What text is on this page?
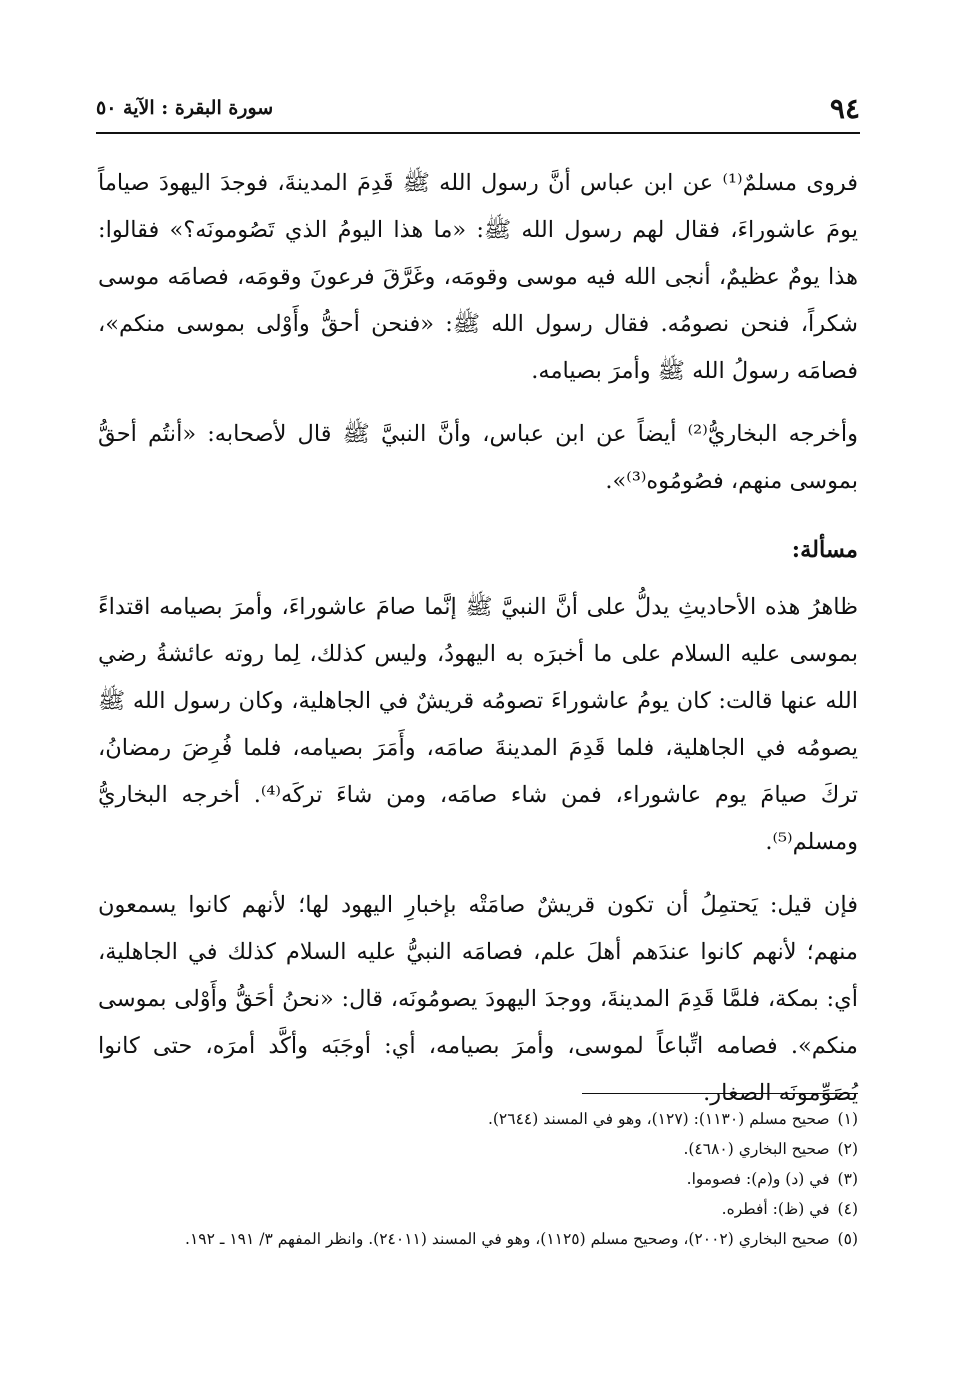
٩٤
سورة البقرة : الآية ٥٠

فروى مسلمٌ⁽¹⁾ عن ابن عباس أنَّ رسول الله ﷺ قَدِمَ المدينةَ، فوجدَ اليهودَ صياماً يومَ عاشوراءَ، فقال لهم رسول الله ﷺ: «ما هذا اليومُ الذي تَصُومونَه؟» فقالوا: هذا يومٌ عظيمٌ، أنجى الله فيه موسى وقومَه، وغَرَّقَ فرعونَ وقومَه، فصامَه موسى شكراً، فنحن نصومُه. فقال رسول الله ﷺ: «فنحن أحقُّ وأَوْلى بموسى منكم»، فصامَه رسولُ الله ﷺ وأمرَ بصيامه.

وأخرجه البخاريُّ⁽²⁾ أيضاً عن ابن عباس، وأنَّ النبيَّ ﷺ قال لأصحابه: «أنتُم أحقُّ بموسى منهم، فصُومُوه⁽³⁾».

مسألة:

ظاهرُ هذه الأحاديثِ يدلُّ على أنَّ النبيَّ ﷺ إنَّما صامَ عاشوراءَ، وأمرَ بصيامه اقتداءً بموسى عليه السلام على ما أخبرَه به اليهودُ، وليس كذلك، لِما روته عائشةُ رضي الله عنها قالت: كان يومُ عاشوراءَ تصومُه قريشٌ في الجاهلية، وكان رسول الله ﷺ يصومُه في الجاهلية، فلما قَدِمَ المدينةَ صامَه، وأَمَرَ بصيامه، فلما فُرِضَ رمضانُ، تركَ صيامَ يوم عاشوراء، فمن شاء صامَه، ومن شاءَ تركَه⁽⁴⁾. أخرجه البخاريُّ ومسلم⁽⁵⁾.

فإن قيل: يَحتمِلُ أن تكون قريشٌ صامَتْه بإخبارِ اليهود لها؛ لأنهم كانوا يسمعون منهم؛ لأنهم كانوا عندَهم أهلَ علم، فصامَه النبيُّ عليه السلام كذلك في الجاهلية، أي: بمكة، فلمَّا قَدِمَ المدينةَ، ووجدَ اليهودَ يصومُونَه، قال: «نحنُ أحَقُّ وأَوْلى بموسى منكم». فصامه اتِّباعاً لموسى، وأمرَ بصيامه، أي: أوجَبَه وأكَّد أمرَه، حتى كانوا يُصَوِّمونَه الصغار.

(١)صحيح مسلم (١١٣٠): (١٢٧)، وهو في المسند (٢٦٤٤).

(٢)صحيح البخاري (٤٦٨٠).

(٣)في (د) و(م): فصوموا.

(٤)في (ظ): أفطره.

(٥)صحيح البخاري (٢٠٠٢)، وصحيح مسلم (١١٢٥)، وهو في المسند (٢٤٠١١). وانظر المفهم ٣/ ١٩١ ـ ١٩٢.
